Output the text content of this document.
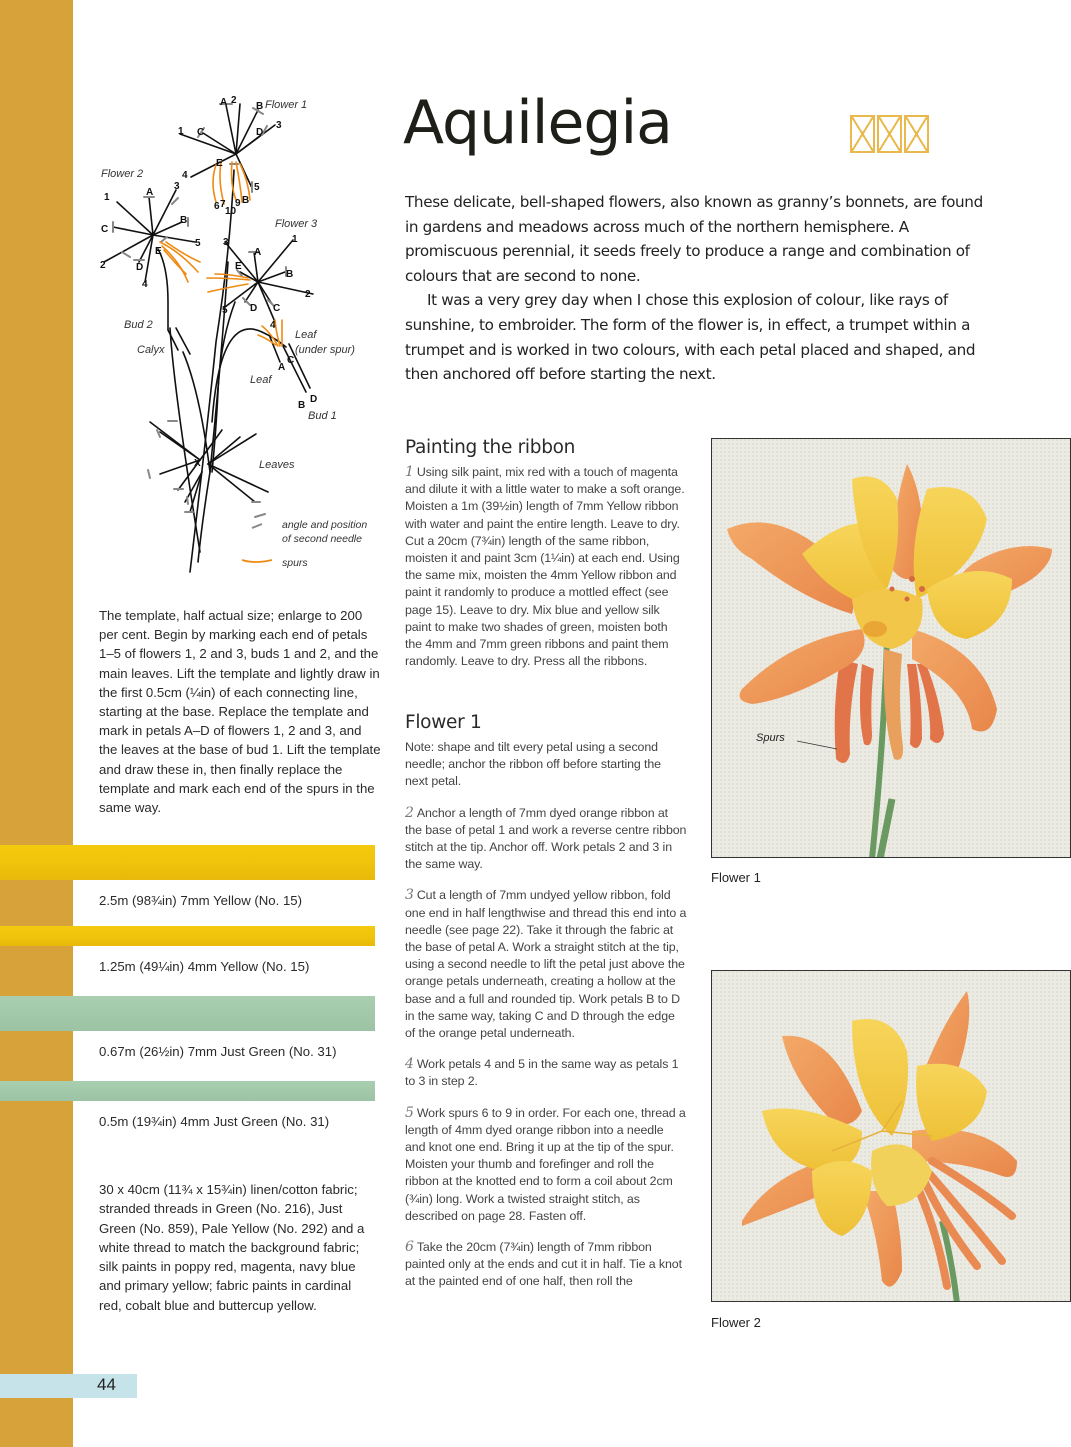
44
A 2
B
C
1	D
3
E
4
5
6 7
10
9 B
A
3
C
1
B
5
2	D
E
4
A
1
B
E
3
2
D C
5
4
A
C
B
D
X
Flower 1
Flower 2
Flower 3
Bud 2
Calyx
Leaf
(under spur)
Leaf
Bud 1
Leaves
angle and position
of second needle
spurs
The template, half actual size; enlarge to 200 per cent. Begin by marking each end of petals 1–5 of flowers 1, 2 and 3, buds 1 and 2, and the main leaves. Lift the template and lightly draw in the first 0.5cm (¼in) of each connecting line, starting at the base. Replace the template and mark in petals A–D of flowers 1, 2 and 3, and the leaves at the base of bud 1. Lift the template and draw these in, then finally replace the template and mark each end of the spurs in the same way.
2.5m (98¾in) 7mm Yellow (No. 15)
1.25m (49¼in) 4mm Yellow (No. 15)
0.67m (26½in) 7mm Just Green (No. 31)
0.5m (19¾in) 4mm Just Green (No. 31)
30 x 40cm (11¾ x 15¾in) linen/cotton fabric; stranded threads in Green (No. 216), Just Green (No. 859), Pale Yellow (No. 292) and a white thread to match the background fabric; silk paints in poppy red, magenta, navy blue and primary yellow; fabric paints in cardinal red, cobalt blue and buttercup yellow.
Aquilegia

These delicate, bell-shaped flowers, also known as granny’s bonnets, are found in gardens and meadows across much of the northern hemisphere. A promiscuous perennial, it seeds freely to produce a range and combination of colours that are second to none.

It was a very grey day when I chose this explosion of colour, like rays of sunshine, to embroider. The form of the flower is, in effect, a trumpet within a trumpet and is worked in two colours, with each petal placed and shaped, and then anchored off before starting the next.

Painting the ribbon

1 Using silk paint, mix red with a touch of magenta and dilute it with a little water to make a soft orange. Moisten a 1m (39½in) length of 7mm Yellow ribbon with water and paint the entire length. Leave to dry. Cut a 20cm (7¾in) length of the same ribbon, moisten it and paint 3cm (1¼in) at each end. Using the same mix, moisten the 4mm Yellow ribbon and paint it randomly to produce a mottled effect (see page 15). Leave to dry. Mix blue and yellow silk paint to make two shades of green, moisten both the 4mm and 7mm green ribbons and paint them randomly. Leave to dry. Press all the ribbons.

Flower 1

Note: shape and tilt every petal using a second needle; anchor the ribbon off before starting the next petal.

2 Anchor a length of 7mm dyed orange ribbon at the base of petal 1 and work a reverse centre ribbon stitch at the tip. Anchor off. Work petals 2 and 3 in the same way.

3 Cut a length of 7mm undyed yellow ribbon, fold one end in half lengthwise and thread this end into a needle (see page 22). Take it through the fabric at the base of petal A. Work a straight stitch at the tip, using a second needle to lift the petal just above the orange petals underneath, creating a hollow at the base and a full and rounded tip. Work petals B to D in the same way, taking C and D through the edge of the orange petal underneath.

4 Work petals 4 and 5 in the same way as petals 1 to 3 in step 2.

5 Work spurs 6 to 9 in order. For each one, thread a length of 4mm dyed orange ribbon into a needle and knot one end. Bring it up at the tip of the spur. Moisten your thumb and forefinger and roll the ribbon at the knotted end to form a coil about 2cm (¾in) long. Work a twisted straight stitch, as described on page 28. Fasten off.

6 Take the 20cm (7¾in) length of 7mm ribbon painted only at the ends and cut it in half. Tie a knot at the painted end of one half, then roll the

Spurs
Flower 1
Flower 2
